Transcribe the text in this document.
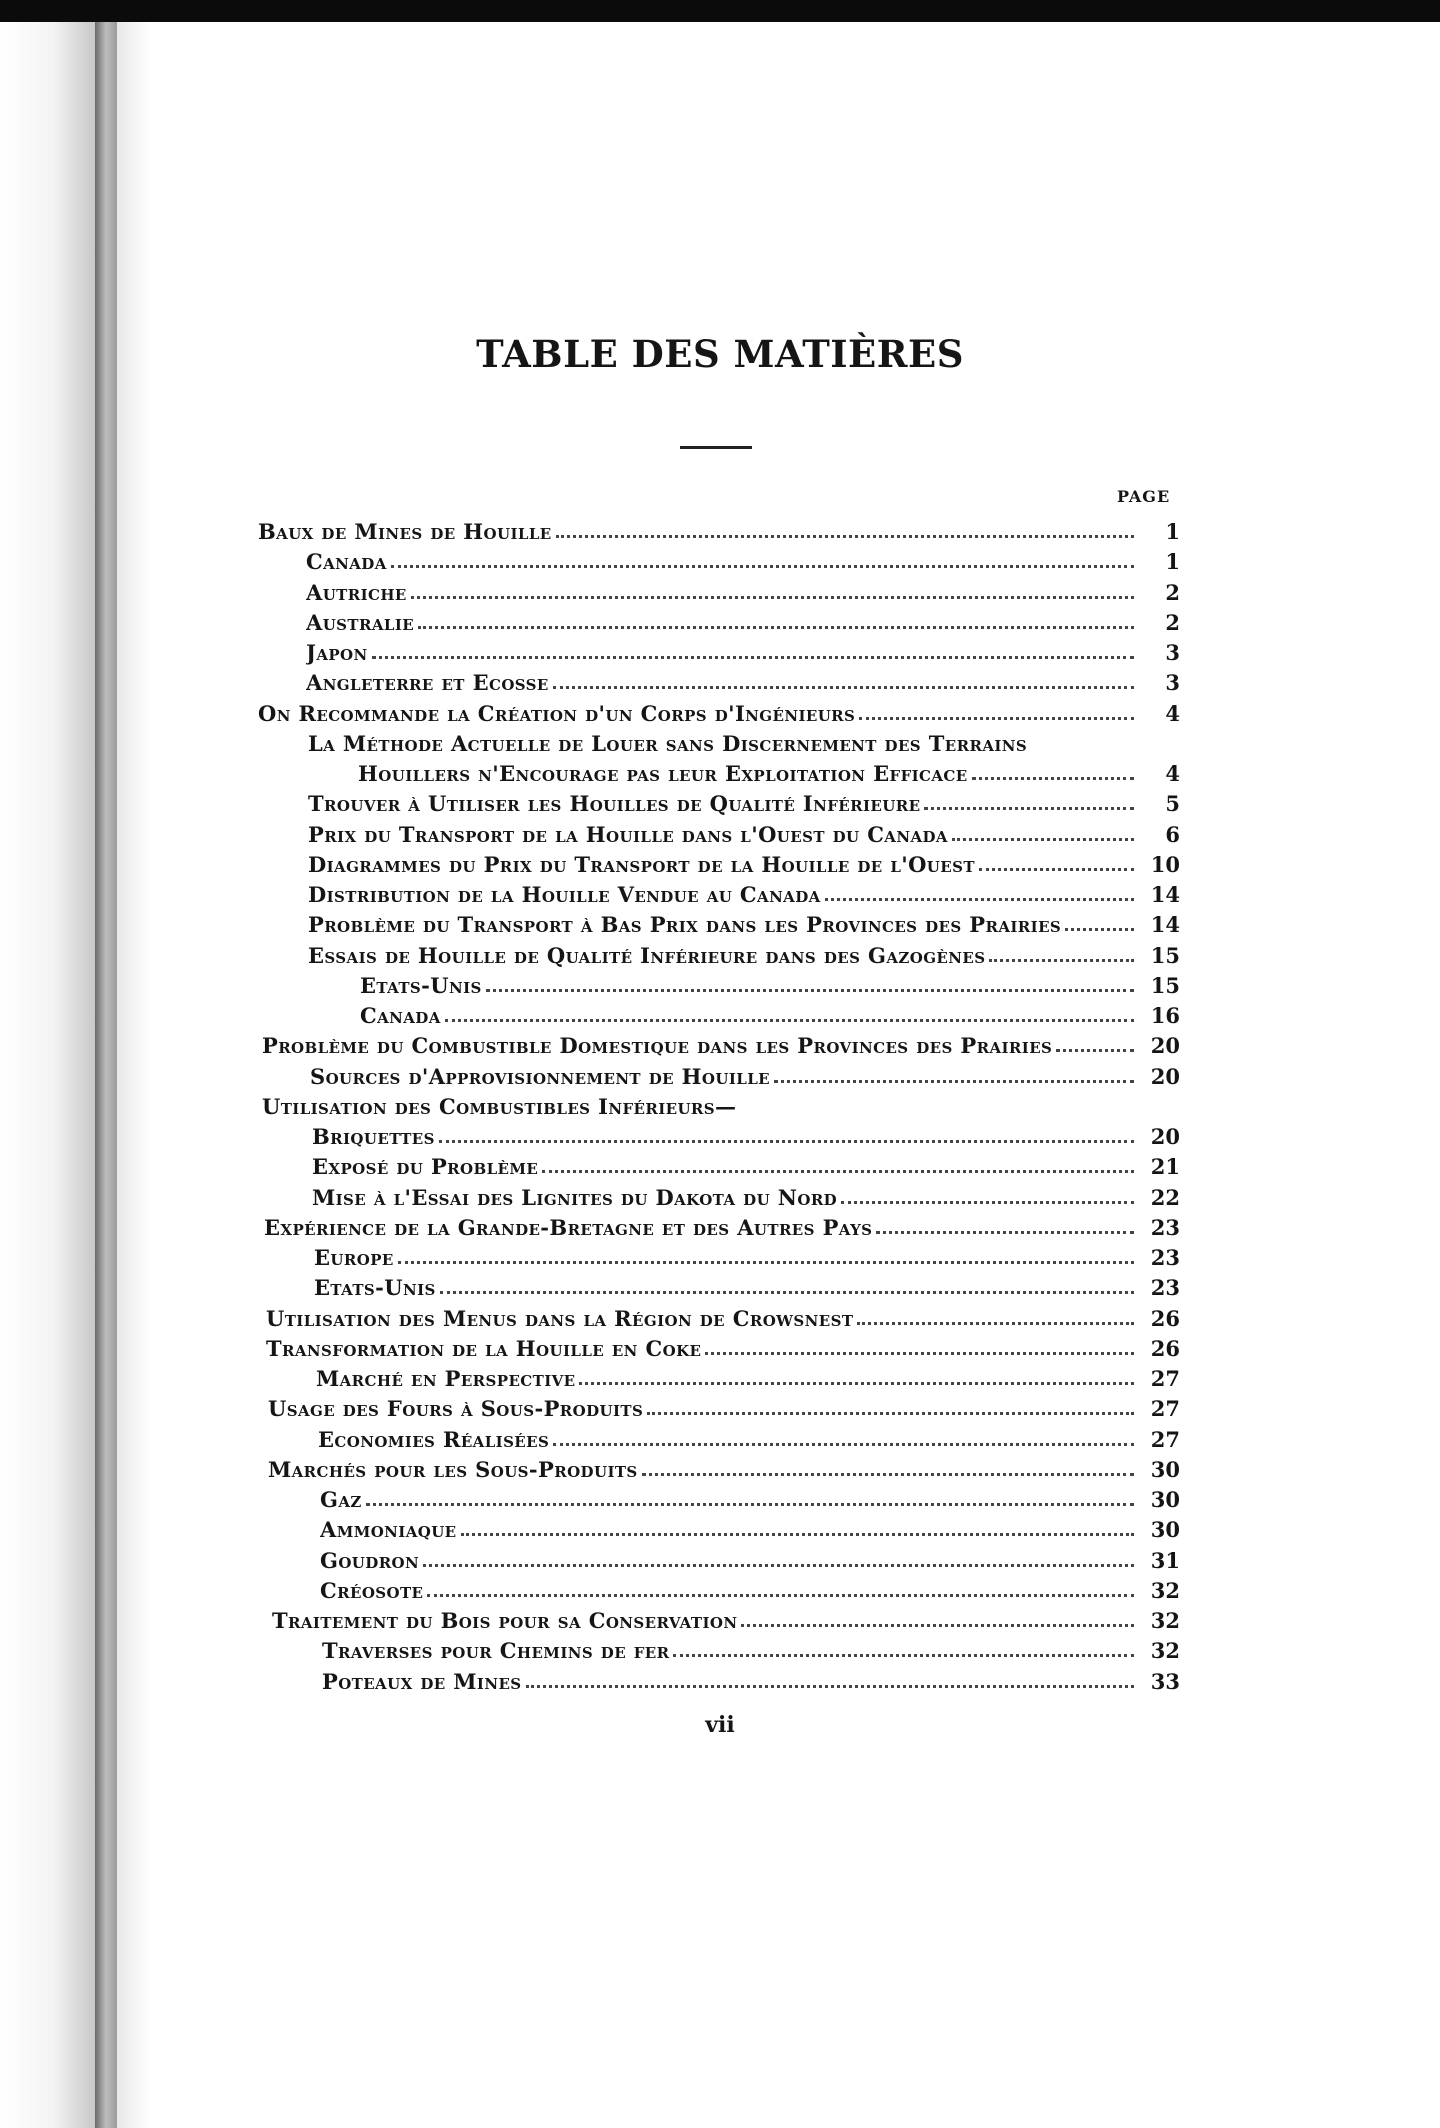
TABLE DES MATIÈRES
PAGE
Baux de Mines de Houille	1
Canada	1
Autriche	2
Australie	2
Japon	3
Angleterre et Ecosse	3
On Recommande la Création d'un Corps d'Ingénieurs	4
La Méthode Actuelle de Louer sans Discernement des Terrains
Houillers n'Encourage pas leur Exploitation Efficace	4
Trouver à Utiliser les Houilles de Qualité Inférieure	5
Prix du Transport de la Houille dans l'Ouest du Canada	6
Diagrammes du Prix du Transport de la Houille de l'Ouest	10
Distribution de la Houille Vendue au Canada	14
Problème du Transport à Bas Prix dans les Provinces des Prairies	14
Essais de Houille de Qualité Inférieure dans des Gazogènes	15
Etats-Unis	15
Canada	16
Problème du Combustible Domestique dans les Provinces des Prairies	20
Sources d'Approvisionnement de Houille	20
Utilisation des Combustibles Inférieurs—
Briquettes	20
Exposé du Problème	21
Mise à l'Essai des Lignites du Dakota du Nord	22
Expérience de la Grande-Bretagne et des Autres Pays	23
Europe	23
Etats-Unis	23
Utilisation des Menus dans la Région de Crowsnest	26
Transformation de la Houille en Coke	26
Marché en Perspective	27
Usage des Fours à Sous-Produits	27
Economies Réalisées	27
Marchés pour les Sous-Produits	30
Gaz	30
Ammoniaque	30
Goudron	31
Créosote	32
Traitement du Bois pour sa Conservation	32
Traverses pour Chemins de fer	32
Poteaux de Mines	33
vii
